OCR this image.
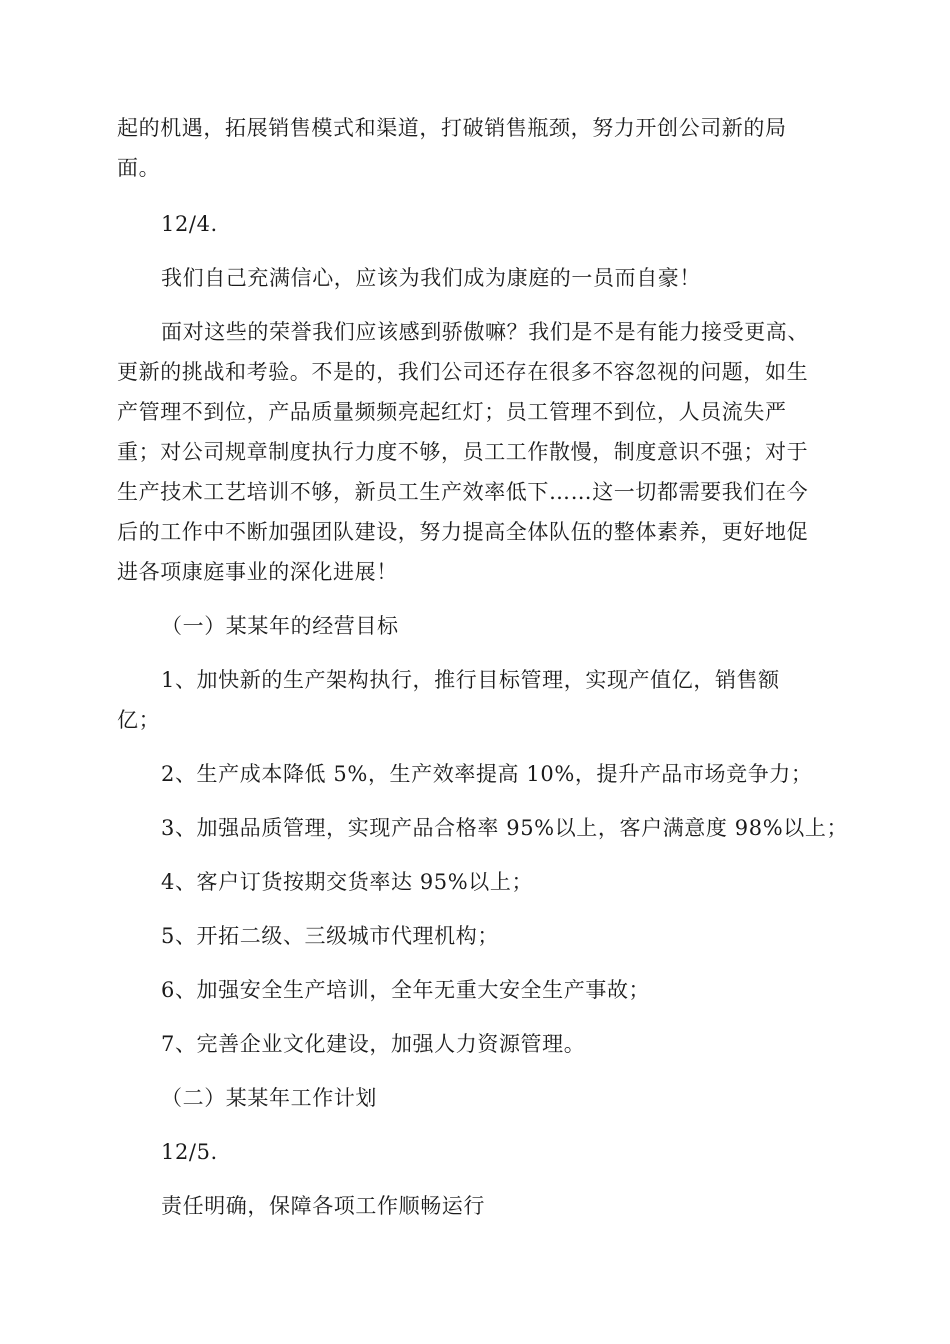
起的机遇，拓展销售模式和渠道，打破销售瓶颈，努力开创公司新的局
面。
12/4.
我们自己充满信心，应该为我们成为康庭的一员而自豪！
面对这些的荣誉我们应该感到骄傲嘛？我们是不是有能力接受更高、
更新的挑战和考验。不是的，我们公司还存在很多不容忽视的问题，如生
产管理不到位，产品质量频频亮起红灯；员工管理不到位，人员流失严
重；对公司规章制度执行力度不够，员工工作散慢，制度意识不强；对于
生产技术工艺培训不够，新员工生产效率低下……这一切都需要我们在今
后的工作中不断加强团队建设，努力提高全体队伍的整体素养，更好地促
进各项康庭事业的深化进展！
（一）某某年的经营目标
1、加快新的生产架构执行，推行目标管理，实现产值亿，销售额
亿；
2、生产成本降低 5%，生产效率提高 10%，提升产品市场竞争力；
3、加强品质管理，实现产品合格率 95%以上，客户满意度 98%以上；
4、客户订货按期交货率达 95%以上；
5、开拓二级、三级城市代理机构；
6、加强安全生产培训，全年无重大安全生产事故；
7、完善企业文化建设，加强人力资源管理。
（二）某某年工作计划
12/5.
责任明确，保障各项工作顺畅运行
